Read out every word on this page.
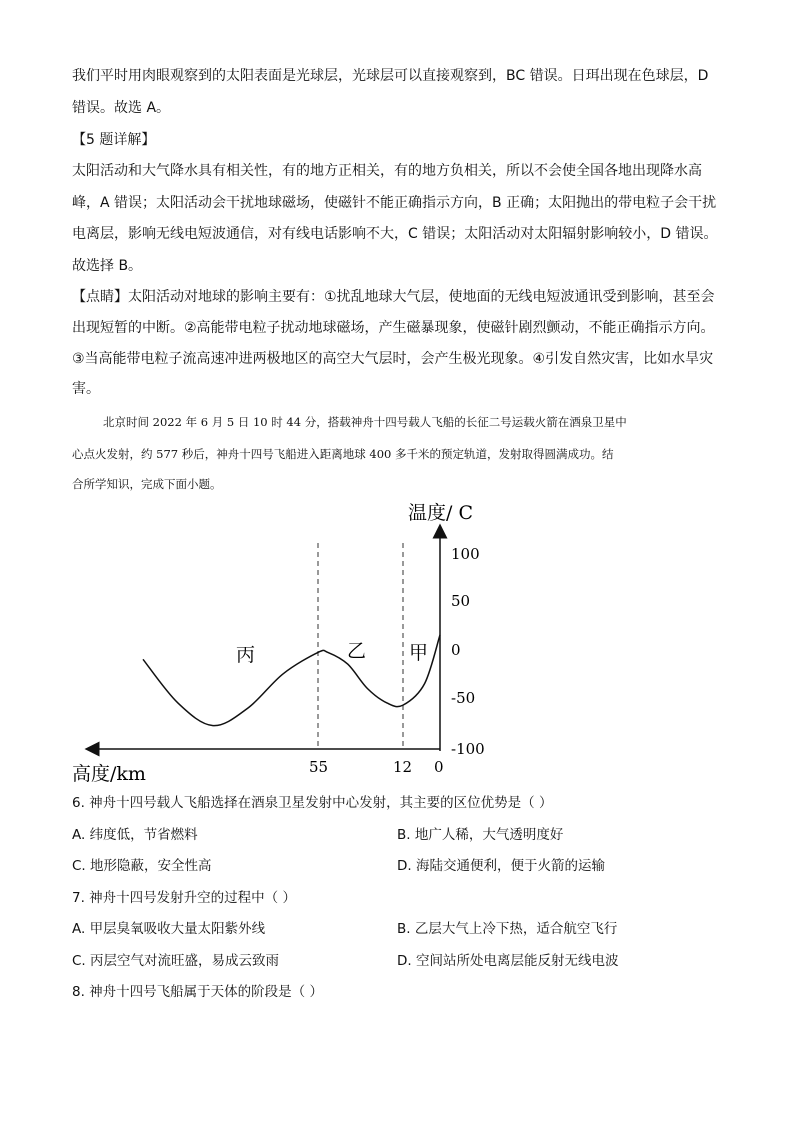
我们平时用肉眼观察到的太阳表面是光球层，光球层可以直接观察到，BC 错误。日珥出现在色球层，D
错误。故选 A。
【5 题详解】
太阳活动和大气降水具有相关性，有的地方正相关，有的地方负相关，所以不会使全国各地出现降水高
峰，A 错误；太阳活动会干扰地球磁场，使磁针不能正确指示方向，B 正确；太阳抛出的带电粒子会干扰
电离层，影响无线电短波通信，对有线电话影响不大，C 错误；太阳活动对太阳辐射影响较小，D 错误。
故选择 B。
【点睛】太阳活动对地球的影响主要有：①扰乱地球大气层，使地面的无线电短波通讯受到影响，甚至会
出现短暂的中断。②高能带电粒子扰动地球磁场，产生磁暴现象，使磁针剧烈颤动，不能正确指示方向。
③当高能带电粒子流高速冲进两极地区的高空大气层时，会产生极光现象。④引发自然灾害，比如水旱灾
害。
北京时间 2022 年 6 月 5 日 10 时 44 分，搭载神舟十四号载人飞船的长征二号运载火箭在酒泉卫星中
心点火发射，约 577 秒后，神舟十四号飞船进入距离地球 400 多千米的预定轨道，发射取得圆满成功。结
合所学知识，完成下面小题。
温度/ C
高度/km
100
50
0
-50
-100
55	12 0
丙	乙 甲
6. 神舟十四号载人飞船选择在酒泉卫星发射中心发射，其主要的区位优势是（ ）
A. 纬度低，节省燃料	B. 地广人稀，大气透明度好
C. 地形隐蔽，安全性高	D. 海陆交通便利，便于火箭的运输
7. 神舟十四号发射升空的过程中（ ）
A. 甲层臭氧吸收大量太阳紫外线	B. 乙层大气上冷下热，适合航空飞行
C. 丙层空气对流旺盛，易成云致雨	D. 空间站所处电离层能反射无线电波
8. 神舟十四号飞船属于天体的阶段是（ ）
